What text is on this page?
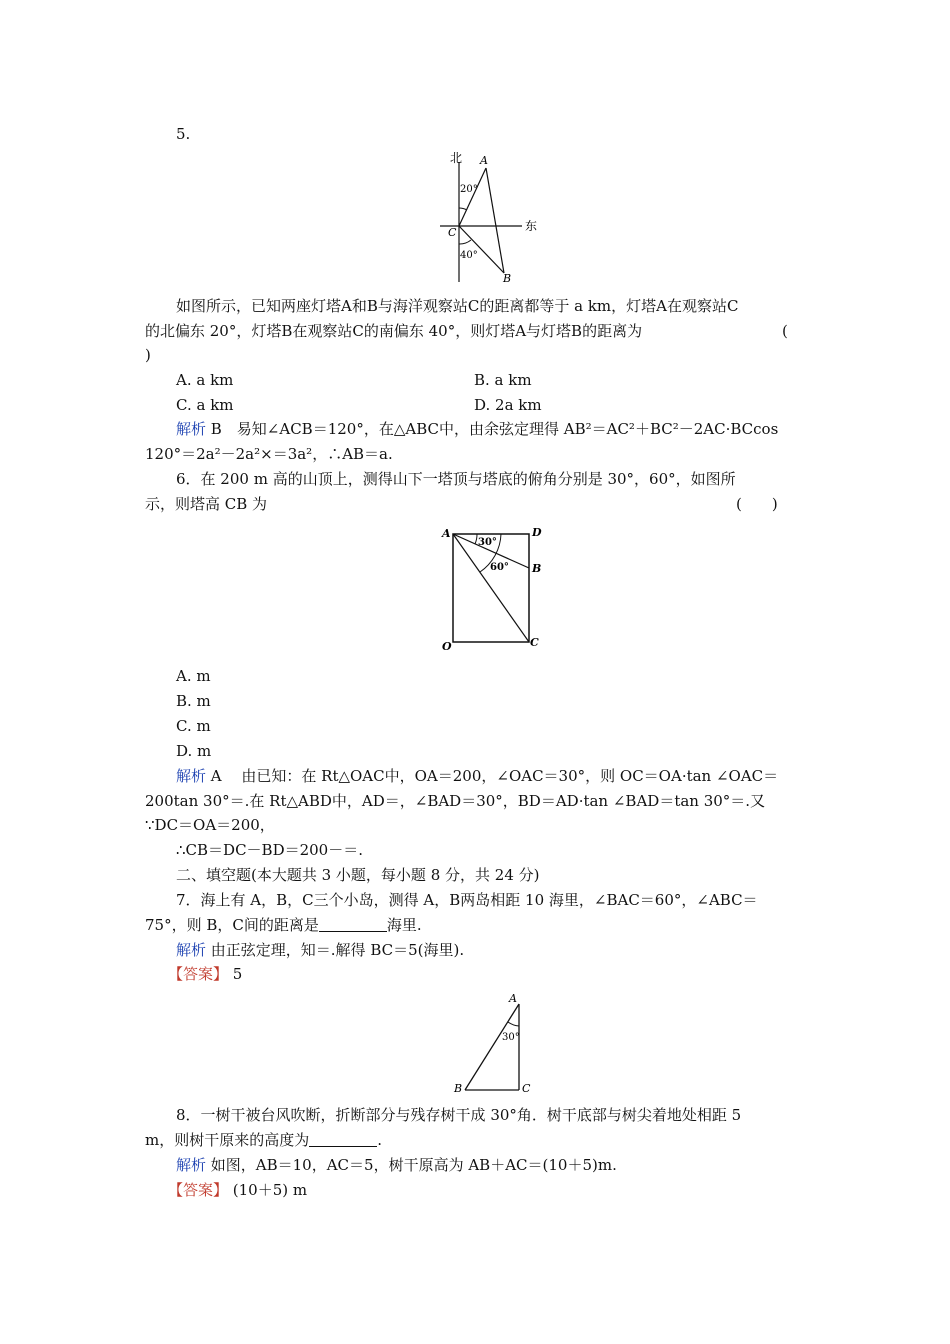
5.
北
东
A
B
C
20°
40°
如图所示，已知两座灯塔A和B与海洋观察站C的距离都等于 a km，灯塔A在观察站C
的北偏东 20°，灯塔B在观察站C的南偏东 40°，则灯塔A与灯塔B的距离为	(
)
A. a km	B. a km
C. a km	D. 2a km
解析 B　易知∠ACB＝120°，在△ABC中，由余弦定理得 AB²＝AC²＋BC²－2AC·BCcos
120°＝2a²－2a²×＝3a²，∴AB＝a.
6．在 200 m 高的山顶上，测得山下一塔顶与塔底的俯角分别是 30°，60°，如图所
示，则塔高 CB 为	(　　)
A	D
B
O	C
30°
60°
A. m
B. m
C. m
D. m
解析 A　 由已知：在 Rt△OAC中，OA＝200，∠OAC＝30°，则 OC＝OA·tan ∠OAC＝
200tan 30°＝.在 Rt△ABD中，AD＝，∠BAD＝30°，BD＝AD·tan ∠BAD＝tan 30°＝.又
∵DC＝OA＝200，
∴CB＝DC－BD＝200－＝.
二、填空题(本大题共 3 小题，每小题 8 分，共 24 分)
7．海上有 A，B，C三个小岛，测得 A，B两岛相距 10 海里，∠BAC＝60°，∠ABC＝
75°，则 B，C间的距离是	海里.
解析 由正弦定理，知＝.解得 BC＝5(海里).
【答案】 5
A
B	C
30°
8．一树干被台风吹断，折断部分与残存树干成 30°角．树干底部与树尖着地处相距 5
m，则树干原来的高度为	.
解析 如图，AB＝10，AC＝5，树干原高为 AB＋AC＝(10＋5)m.
【答案】 (10＋5) m
